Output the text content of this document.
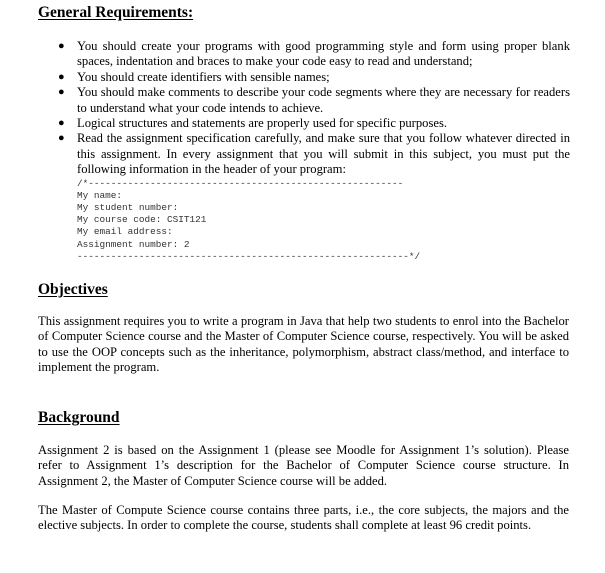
General Requirements:
● You should create your programs with good programming style and form using proper blank spaces, indentation and braces to make your code easy to read and understand;
● You should create identifiers with sensible names;
● You should make comments to describe your code segments where they are necessary for readers to understand what your code intends to achieve.
● Logical structures and statements are properly used for specific purposes.
● Read the assignment specification carefully, and make sure that you follow whatever directed in this assignment. In every assignment that you will submit in this subject, you must put the following information in the header of your program:
/*--------------------------------------------------------
My name:
My student number:
My course code: CSIT121
My email address:
Assignment number: 2
-----------------------------------------------------------*/
Objectives

This assignment requires you to write a program in Java that help two students to enrol into the Bachelor of Computer Science course and the Master of Computer Science course, respectively. You will be asked to use the OOP concepts such as the inheritance, polymorphism, abstract class/method, and interface to implement the program.

Background

Assignment 2 is based on the Assignment 1 (please see Moodle for Assignment 1’s solution). Please refer to Assignment 1’s description for the Bachelor of Computer Science course structure. In Assignment 2, the Master of Computer Science course will be added.

The Master of Compute Science course contains three parts, i.e., the core subjects, the majors and the elective subjects. In order to complete the course, students shall complete at least 96 credit points.
